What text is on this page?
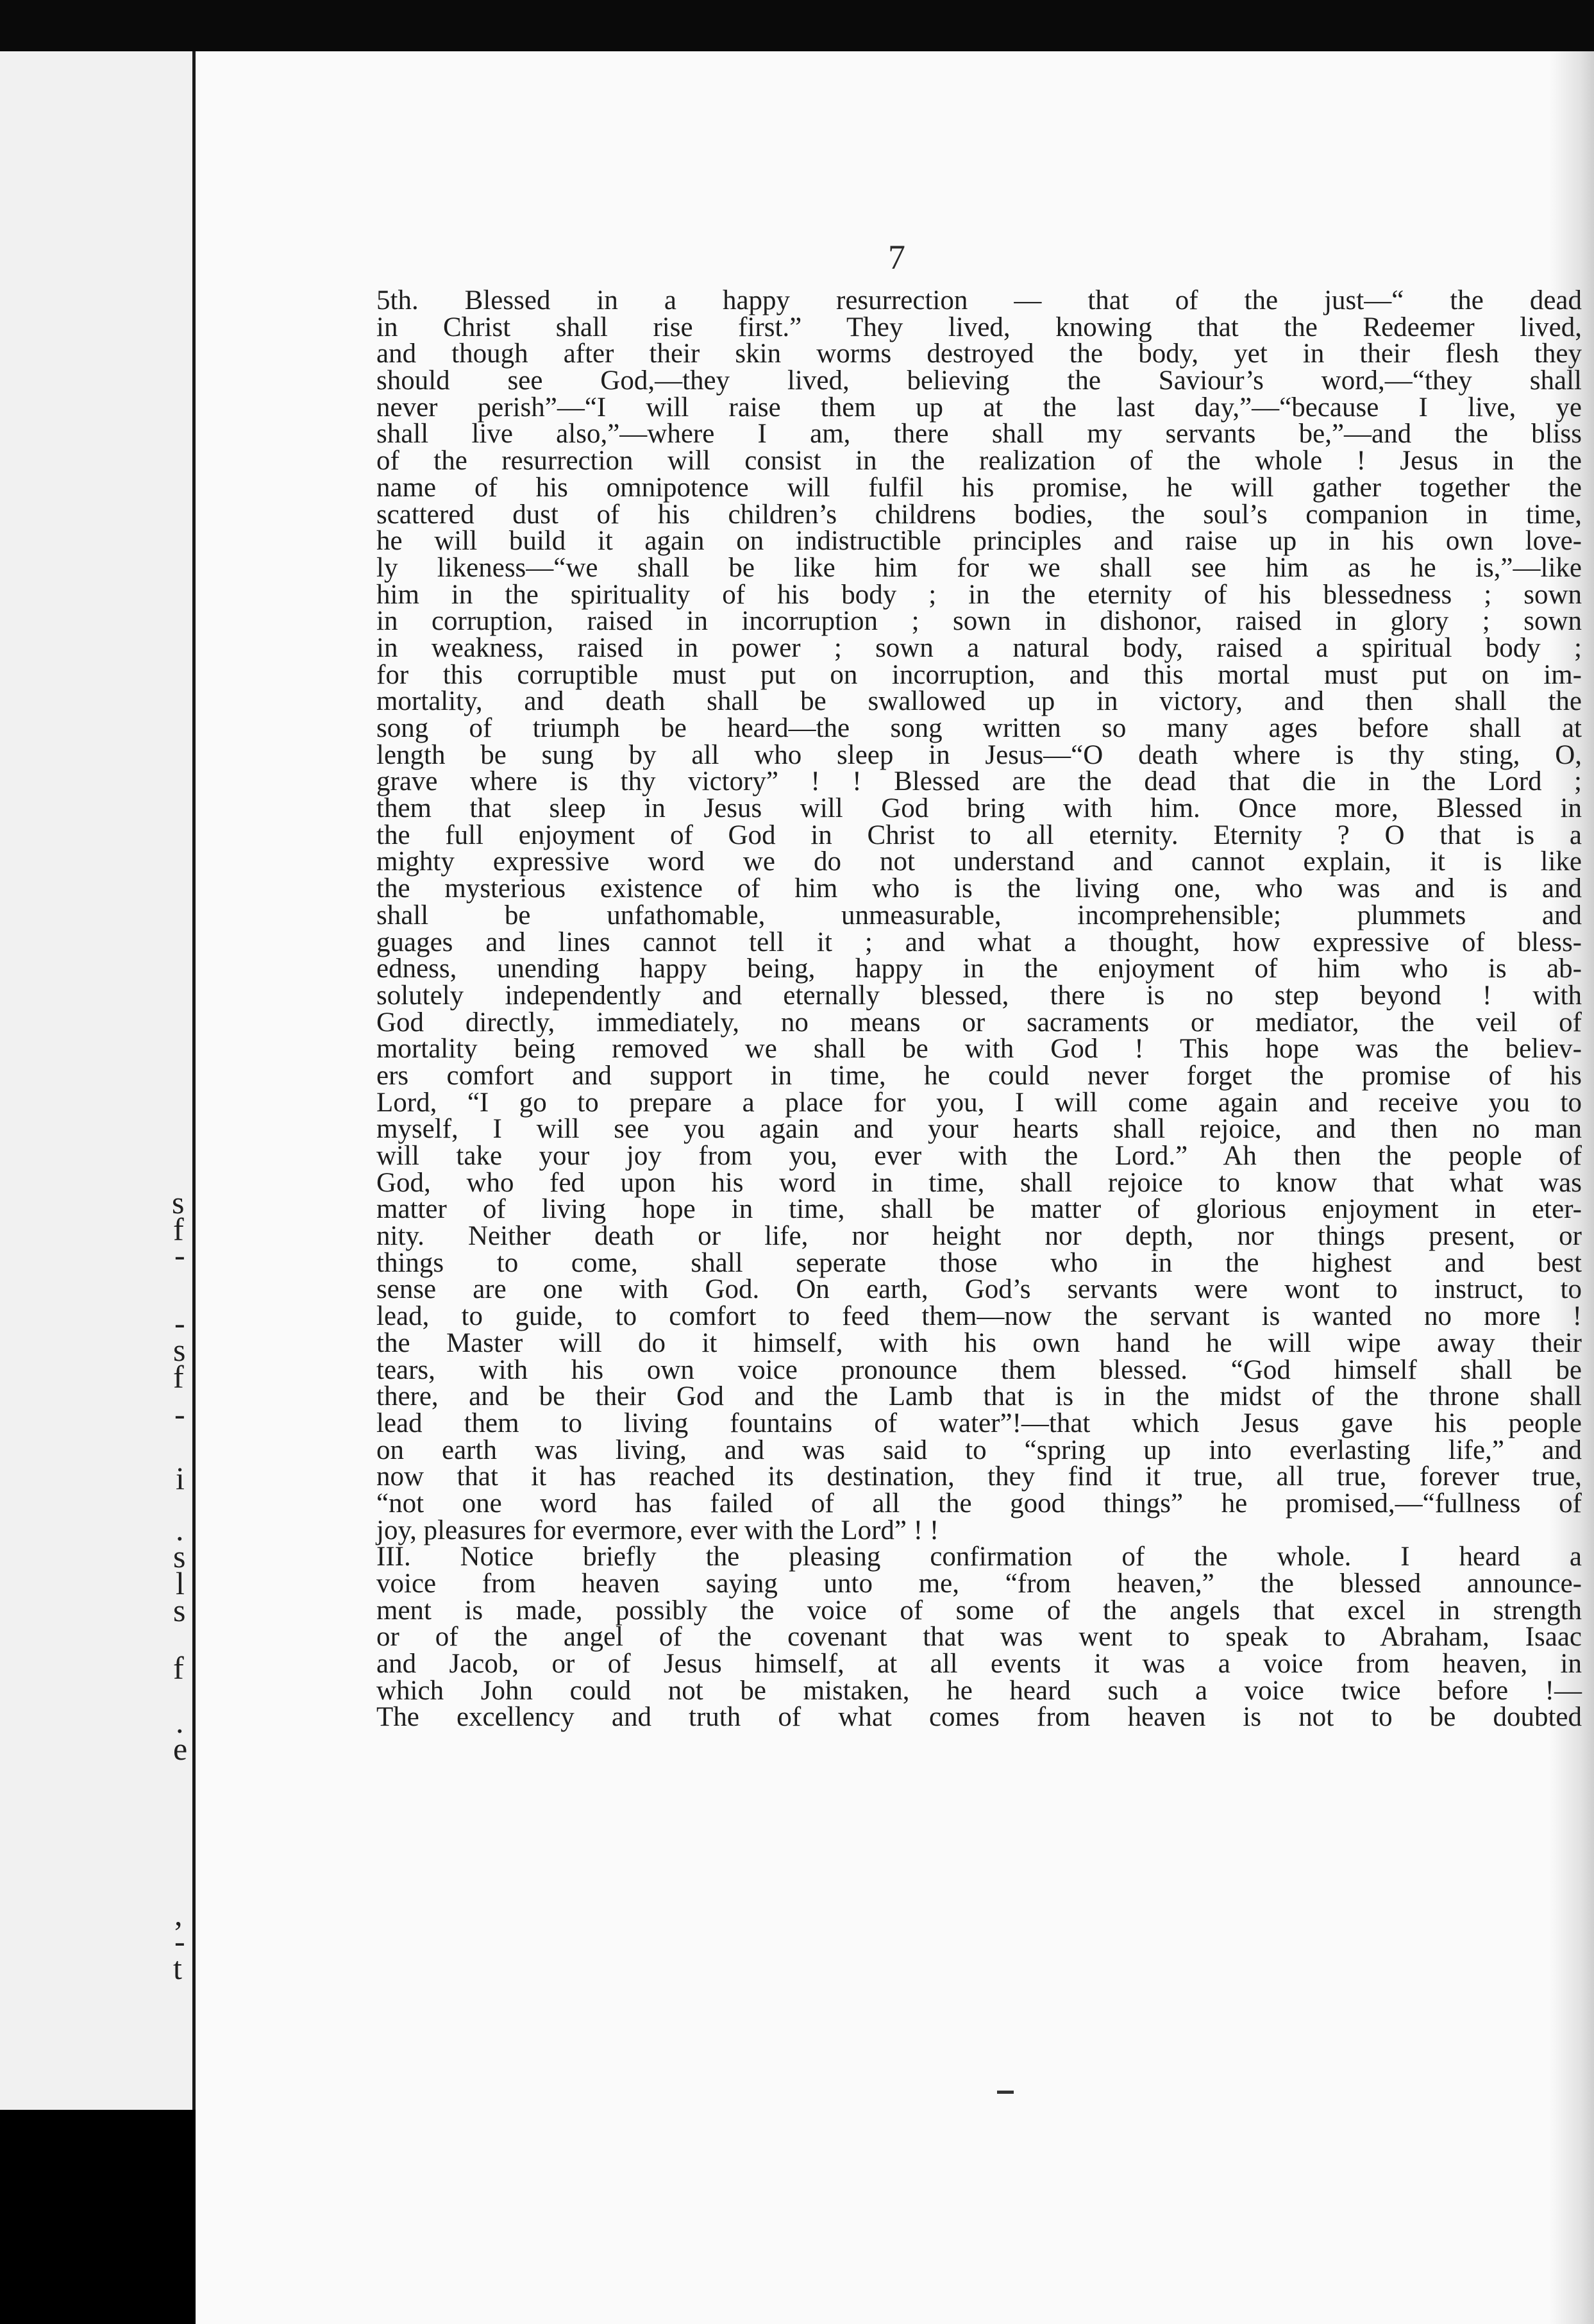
s
f
-
-
s
f
-
i
.
s
l
s
f
.
e
,
-
t
7
5th. Blessed in a happy resurrection — that of the just—“ the dead
in Christ shall rise first.” They lived, knowing that the Redeemer lived,
and though after their skin worms destroyed the body, yet in their flesh they
should see God,—they lived, believing the Saviour’s word,—“they shall
never perish”—“I will raise them up at the last day,”—“because I live, ye
shall live also,”—where I am, there shall my servants be,”—and the bliss
of the resurrection will consist in the realization of the whole ! Jesus in the
name of his omnipotence will fulfil his promise, he will gather together the
scattered dust of his children’s childrens bodies, the soul’s companion in time,
he will build it again on indistructible principles and raise up in his own love-
ly likeness—“we shall be like him for we shall see him as he is,”—like
him in the spirituality of his body ; in the eternity of his blessedness ; sown
in corruption, raised in incorruption ; sown in dishonor, raised in glory ; sown
in weakness, raised in power ; sown a natural body, raised a spiritual body ;
for this corruptible must put on incorruption, and this mortal must put on im-
mortality, and death shall be swallowed up in victory, and then shall the
song of triumph be heard—the song written so many ages before shall at
length be sung by all who sleep in Jesus—“O death where is thy sting, O,
grave where is thy victory” ! ! Blessed are the dead that die in the Lord ;
them that sleep in Jesus will God bring with him. Once more, Blessed in
the full enjoyment of God in Christ to all eternity. Eternity ? O that is a
mighty expressive word we do not understand and cannot explain, it is like
the mysterious existence of him who is the living one, who was and is and
shall be unfathomable, unmeasurable, incomprehensible; plummets and
guages and lines cannot tell it ; and what a thought, how expressive of bless-
edness, unending happy being, happy in the enjoyment of him who is ab-
solutely independently and eternally blessed, there is no step beyond ! with
God directly, immediately, no means or sacraments or mediator, the veil of
mortality being removed we shall be with God ! This hope was the believ-
ers comfort and support in time, he could never forget the promise of his
Lord, “I go to prepare a place for you, I will come again and receive you to
myself, I will see you again and your hearts shall rejoice, and then no man
will take your joy from you, ever with the Lord.” Ah then the people of
God, who fed upon his word in time, shall rejoice to know that what was
matter of living hope in time, shall be matter of glorious enjoyment in eter-
nity. Neither death or life, nor height nor depth, nor things present, or
things to come, shall seperate those who in the highest and best
sense are one with God. On earth, God’s servants were wont to instruct, to
lead, to guide, to comfort to feed them—now the servant is wanted no more !
the Master will do it himself, with his own hand he will wipe away their
tears, with his own voice pronounce them blessed. “God himself shall be
there, and be their God and the Lamb that is in the midst of the throne shall
lead them to living fountains of water”!—that which Jesus gave his people
on earth was living, and was said to “spring up into everlasting life,” and
now that it has reached its destination, they find it true, all true, forever true,
“not one word has failed of all the good things” he promised,—“fullness of
joy, pleasures for evermore, ever with the Lord” ! !
III. Notice briefly the pleasing confirmation of the whole. I heard a
voice from heaven saying unto me, “from heaven,” the blessed announce-
ment is made, possibly the voice of some of the angels that excel in strength
or of the angel of the covenant that was went to speak to Abraham, Isaac
and Jacob, or of Jesus himself, at all events it was a voice from heaven, in
which John could not be mistaken, he heard such a voice twice before !—
The excellency and truth of what comes from heaven is not to be doubted
